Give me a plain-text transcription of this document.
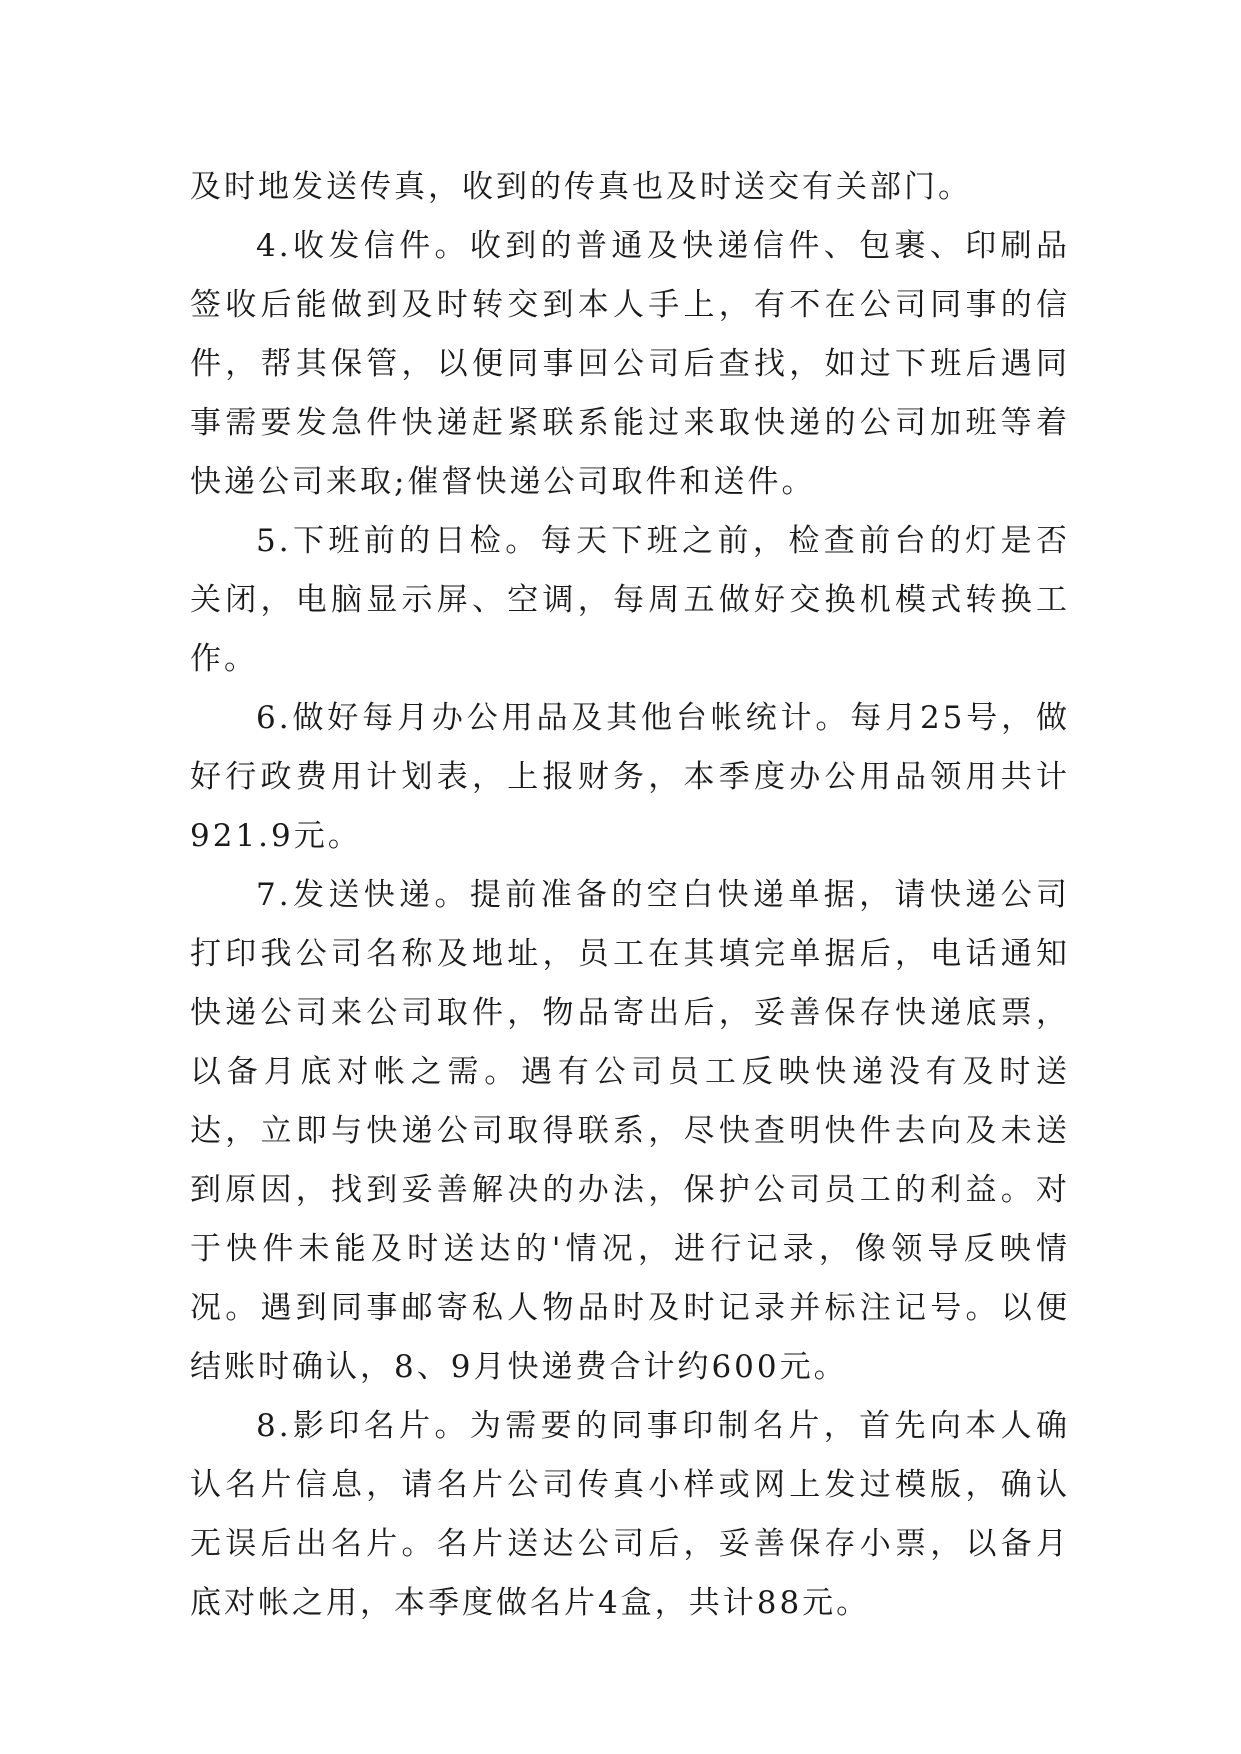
及时地发送传真，收到的传真也及时送交有关部门。

4.收发信件。收到的普通及快递信件、包裹、印刷品签收后能做到及时转交到本人手上，有不在公司同事的信件，帮其保管，以便同事回公司后查找，如过下班后遇同事需要发急件快递赶紧联系能过来取快递的公司加班等着快递公司来取;催督快递公司取件和送件。

5.下班前的日检。每天下班之前，检查前台的灯是否关闭，电脑显示屏、空调，每周五做好交换机模式转换工作。

6.做好每月办公用品及其他台帐统计。每月25号，做好行政费用计划表，上报财务，本季度办公用品领用共计921.9元。

7.发送快递。提前准备的空白快递单据，请快递公司打印我公司名称及地址，员工在其填完单据后，电话通知快递公司来公司取件，物品寄出后，妥善保存快递底票，以备月底对帐之需。遇有公司员工反映快递没有及时送达，立即与快递公司取得联系，尽快查明快件去向及未送到原因，找到妥善解决的办法，保护公司员工的利益。对于快件未能及时送达的'情况，进行记录，像领导反映情况。遇到同事邮寄私人物品时及时记录并标注记号。以便结账时确认，8、9月快递费合计约600元。

8.影印名片。为需要的同事印制名片，首先向本人确认名片信息，请名片公司传真小样或网上发过模版，确认无误后出名片。名片送达公司后，妥善保存小票，以备月底对帐之用，本季度做名片4盒，共计88元。
